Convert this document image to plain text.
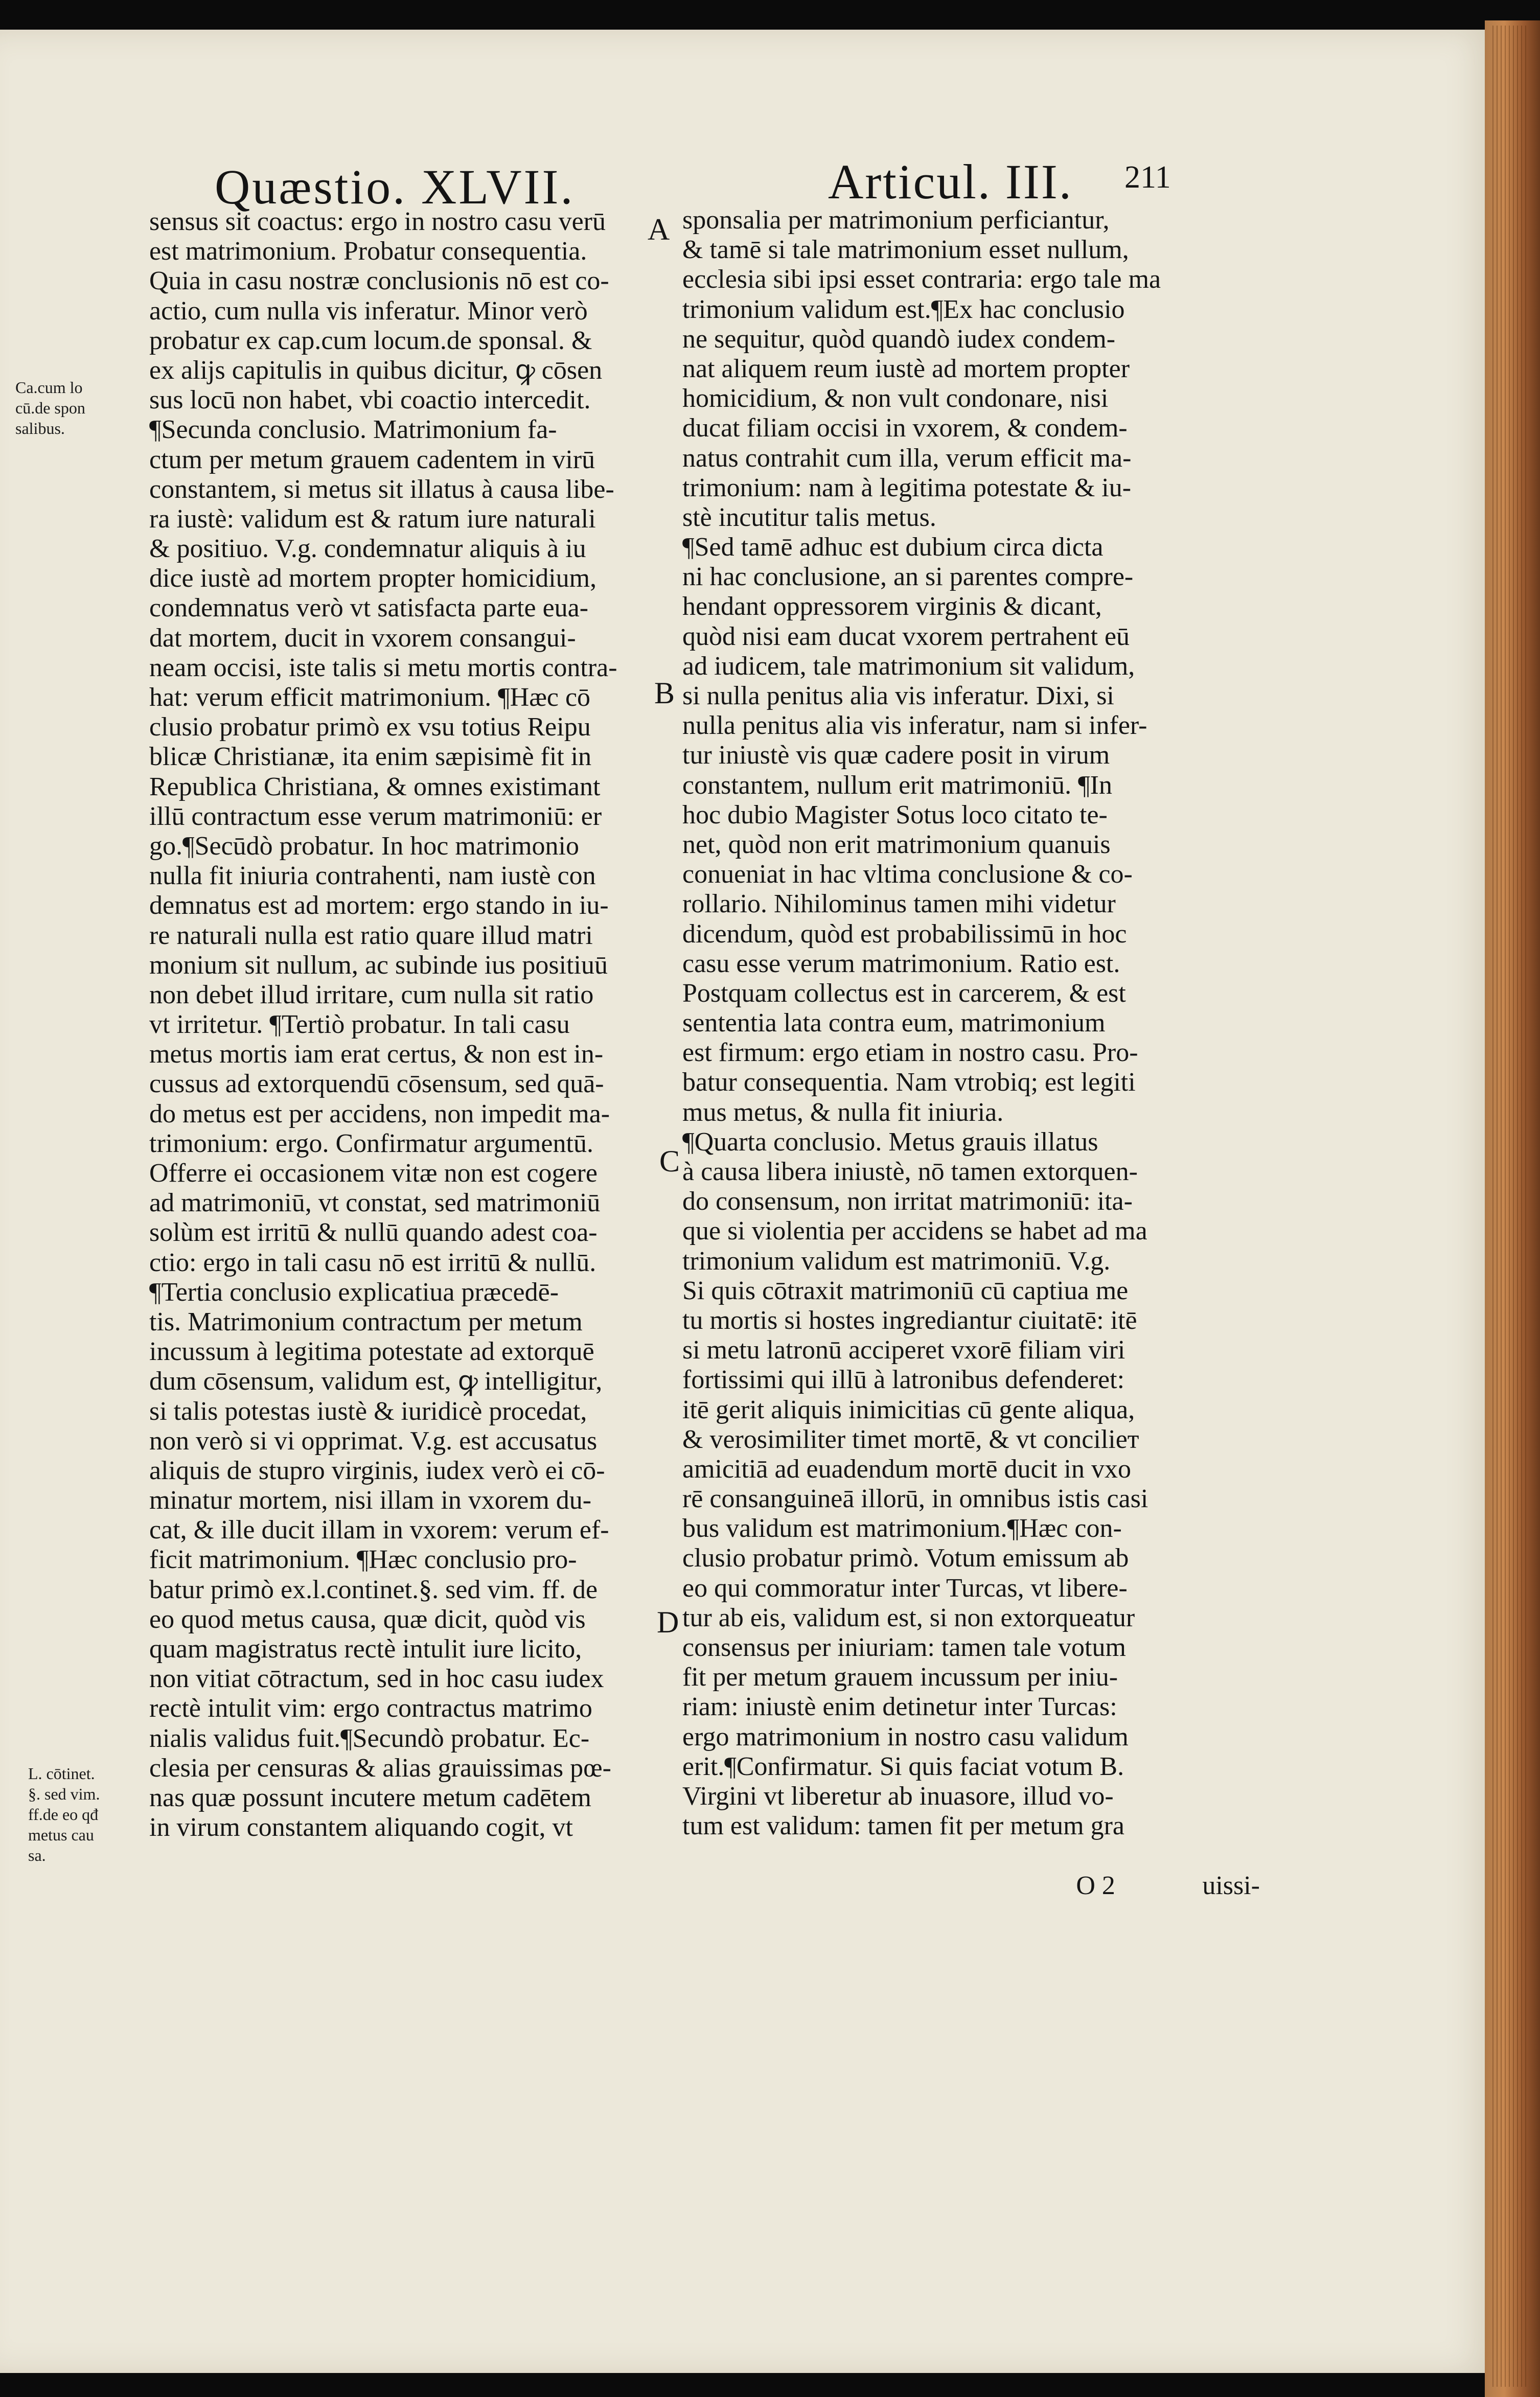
Quæstio. XLVII.	Articul. III. 211
A
B
C
D
Ca.cum lo
cū.de spon
salibus.
L. cōtinet.
§. sed vim.
ff.de eo qđ
metus cau
sa.
sensus sit coactus: ergo in nostro casu verū
est matrimonium. Probatur consequentia.
Quia in casu nostræ conclusionis nō est co-
actio, cum nulla vis inferatur. Minor verò
probatur ex cap.cum locum.de sponsal. &
ex alijs capitulis in quibus dicitur, ꝙ cōsen
sus locū non habet, vbi coactio intercedit.
¶Secunda conclusio. Matrimonium fa-
ctum per metum grauem cadentem in virū
constantem, si metus sit illatus à causa libe-
ra iustè: validum est & ratum iure naturali
& positiuo. V.g. condemnatur aliquis à iu
dice iustè ad mortem propter homicidium,
condemnatus verò vt satisfacta parte eua-
dat mortem, ducit in vxorem consangui-
neam occisi, iste talis si metu mortis contra-
hat: verum efficit matrimonium. ¶Hæc cō
clusio probatur primò ex vsu totius Reipu
blicæ Christianæ, ita enim sæpisimè fit in
Republica Christiana, & omnes existimant
illū contractum esse verum matrimoniū: er
go.¶Secūdò probatur. In hoc matrimonio
nulla fit iniuria contrahenti, nam iustè con
demnatus est ad mortem: ergo stando in iu-
re naturali nulla est ratio quare illud matri
monium sit nullum, ac subinde ius positiuū
non debet illud irritare, cum nulla sit ratio
vt irritetur. ¶Tertiò probatur. In tali casu
metus mortis iam erat certus, & non est in-
cussus ad extorquendū cōsensum, sed quā-
do metus est per accidens, non impedit ma-
trimonium: ergo. Confirmatur argumentū.
Offerre ei occasionem vitæ non est cogere
ad matrimoniū, vt constat, sed matrimoniū
solùm est irritū & nullū quando adest coa-
ctio: ergo in tali casu nō est irritū & nullū.
¶Tertia conclusio explicatiua præcedē-
tis. Matrimonium contractum per metum
incussum à legitima potestate ad extorquē
dum cōsensum, validum est, ꝙ intelligitur,
si talis potestas iustè & iuridicè procedat,
non verò si vi opprimat. V.g. est accusatus
aliquis de stupro virginis, iudex verò ei cō-
minatur mortem, nisi illam in vxorem du-
cat, & ille ducit illam in vxorem: verum ef-
ficit matrimonium. ¶Hæc conclusio pro-
batur primò ex.l.continet.§. sed vim. ff. de
eo quod metus causa, quæ dicit, quòd vis
quam magistratus rectè intulit iure licito,
non vitiat cōtractum, sed in hoc casu iudex
rectè intulit vim: ergo contractus matrimo
nialis validus fuit.¶Secundò probatur. Ec-
clesia per censuras & alias grauissimas pœ-
nas quæ possunt incutere metum cadētem
in virum constantem aliquando cogit, vt
sponsalia per matrimonium perficiantur,
& tamē si tale matrimonium esset nullum,
ecclesia sibi ipsi esset contraria: ergo tale ma
trimonium validum est.¶Ex hac conclusio
ne sequitur, quòd quandò iudex condem-
nat aliquem reum iustè ad mortem propter
homicidium, & non vult condonare, nisi
ducat filiam occisi in vxorem, & condem-
natus contrahit cum illa, verum efficit ma-
trimonium: nam à legitima potestate & iu-
stè incutitur talis metus.
¶Sed tamē adhuc est dubium circa dicta
ni hac conclusione, an si parentes compre-
hendant oppressorem virginis & dicant,
quòd nisi eam ducat vxorem pertrahent eū
ad iudicem, tale matrimonium sit validum,
si nulla penitus alia vis inferatur. Dixi, si
nulla penitus alia vis inferatur, nam si infer-
tur iniustè vis quæ cadere posit in virum
constantem, nullum erit matrimoniū. ¶In
hoc dubio Magister Sotus loco citato te-
net, quòd non erit matrimonium quanuis
conueniat in hac vltima conclusione & co-
rollario. Nihilominus tamen mihi videtur
dicendum, quòd est probabilissimū in hoc
casu esse verum matrimonium. Ratio est.
Postquam collectus est in carcerem, & est
sententia lata contra eum, matrimonium
est firmum: ergo etiam in nostro casu. Pro-
batur consequentia. Nam vtrobiq; est legiti
mus metus, & nulla fit iniuria.
¶Quarta conclusio. Metus grauis illatus
à causa libera iniustè, nō tamen extorquen-
do consensum, non irritat matrimoniū: ita-
que si violentia per accidens se habet ad ma
trimonium validum est matrimoniū. V.g.
Si quis cōtraxit matrimoniū cū captiua me
tu mortis si hostes ingrediantur ciuitatē: itē
si metu latronū acciperet vxorē filiam viri
fortissimi qui illū à latronibus defenderet:
itē gerit aliquis inimicitias cū gente aliqua,
& verosimiliter timet mortē, & vt concilieт
amicitiā ad euadendum mortē ducit in vxo
rē consanguineā illorū, in omnibus istis casi
bus validum est matrimonium.¶Hæc con-
clusio probatur primò. Votum emissum ab
eo qui commoratur inter Turcas, vt libere-
tur ab eis, validum est, si non extorqueatur
consensus per iniuriam: tamen tale votum
fit per metum grauem incussum per iniu-
riam: iniustè enim detinetur inter Turcas:
ergo matrimonium in nostro casu validum
erit.¶Confirmatur. Si quis faciat votum B.
Virgini vt liberetur ab inuasore, illud vo-
tum est validum: tamen fit per metum gra
O 2	uissi-
